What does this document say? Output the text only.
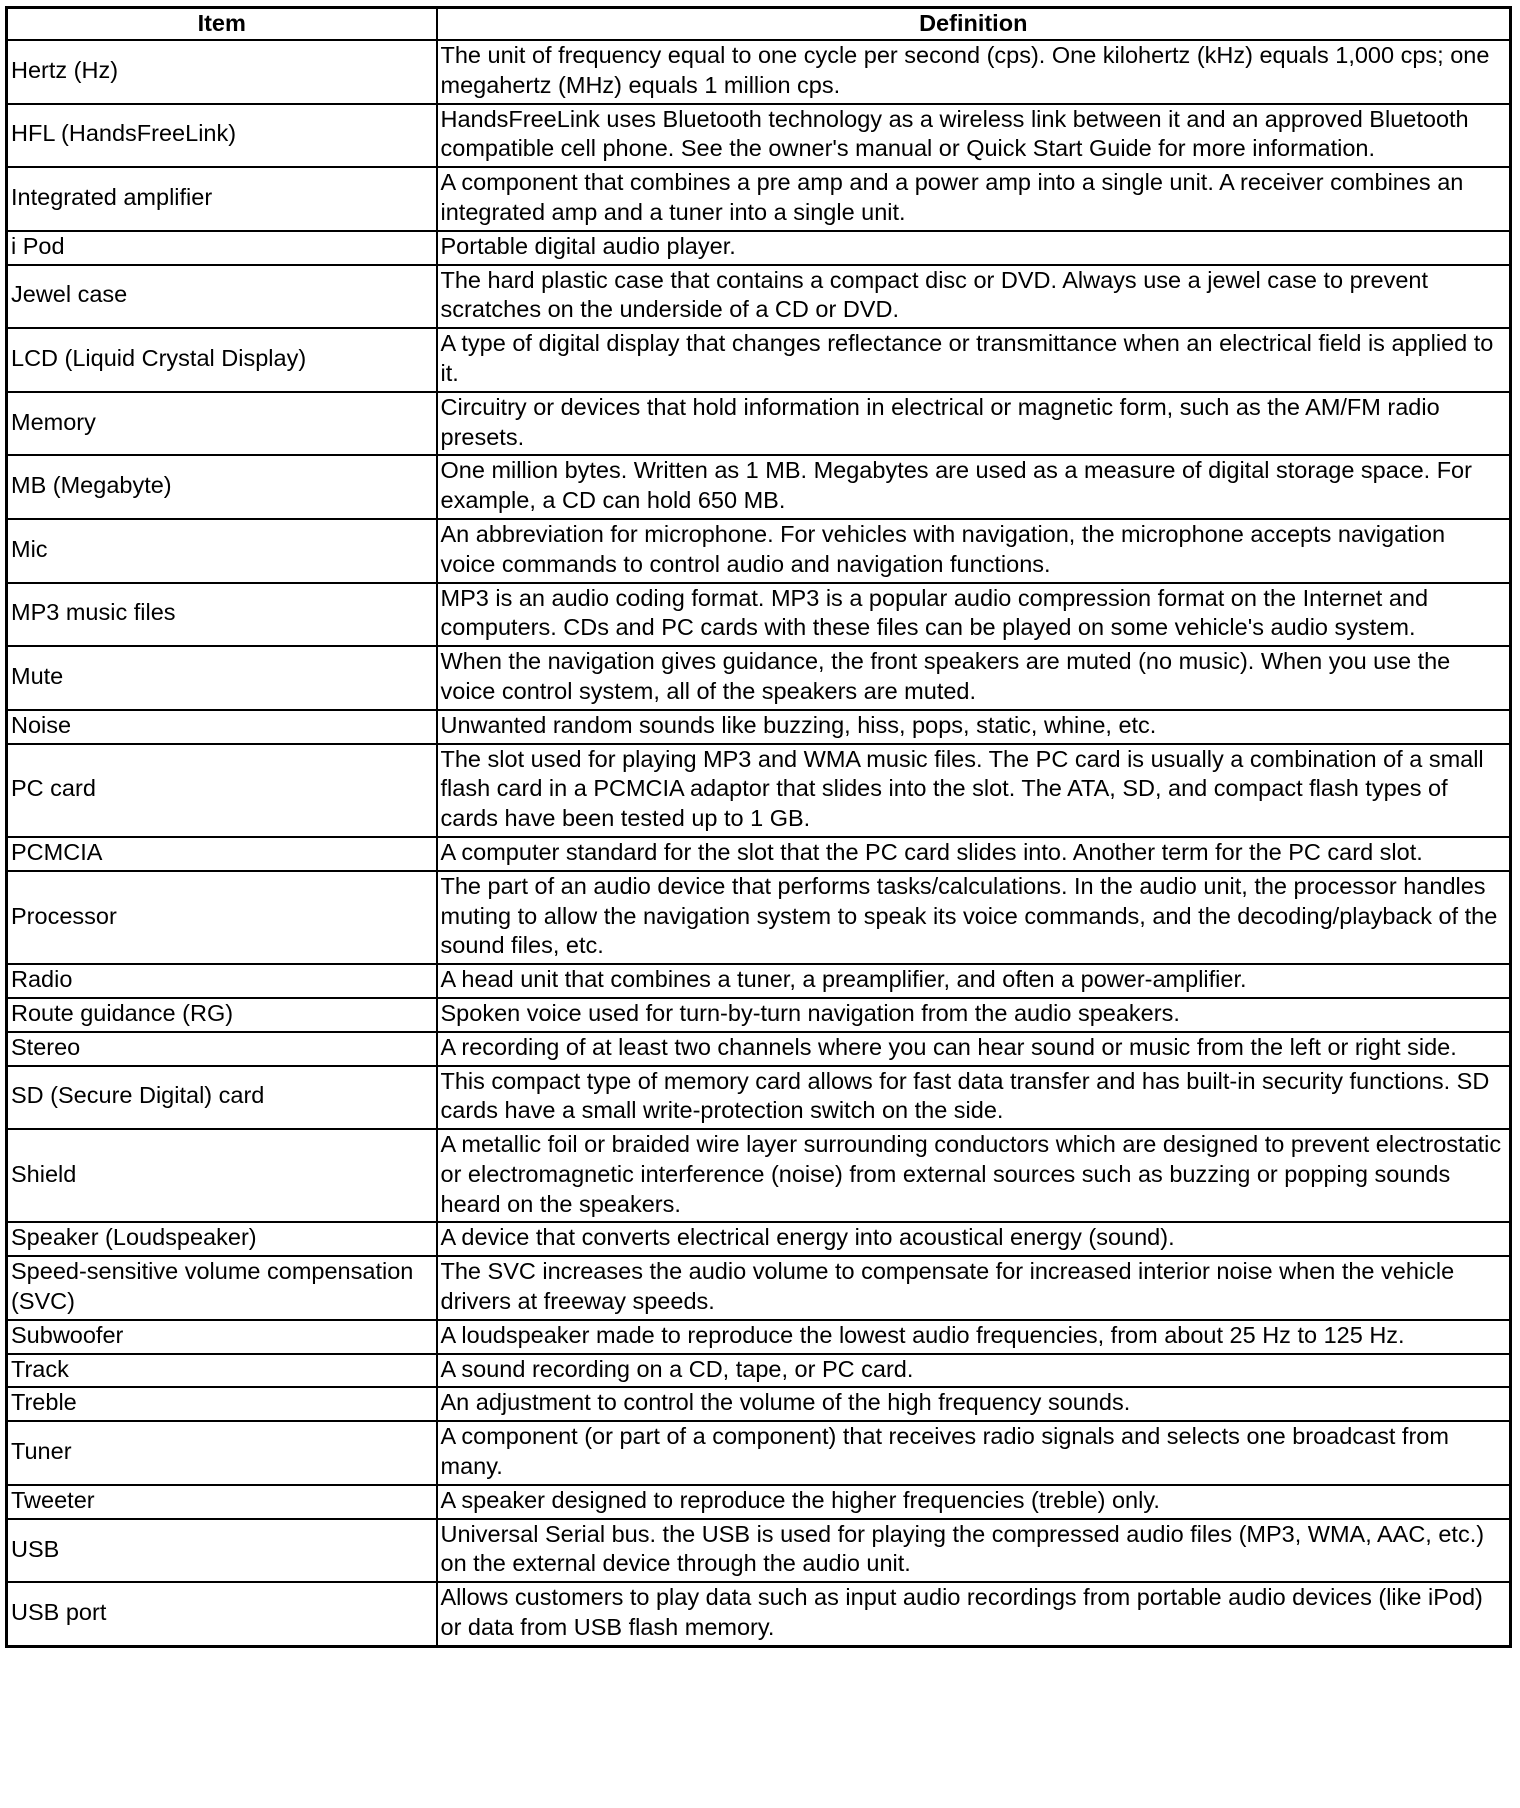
Item	Definition
Hertz (Hz)	The unit of frequency equal to one cycle per second (cps). One kilohertz (kHz) equals 1,000 cps; one megahertz (MHz) equals 1 million cps.
HFL (HandsFreeLink)	HandsFreeLink uses Bluetooth technology as a wireless link between it and an approved Bluetooth compatible cell phone. See the owner's manual or Quick Start Guide for more information.
Integrated amplifier	A component that combines a pre amp and a power amp into a single unit. A receiver combines an integrated amp and a tuner into a single unit.
i Pod	Portable digital audio player.
Jewel case	The hard plastic case that contains a compact disc or DVD. Always use a jewel case to prevent scratches on the underside of a CD or DVD.
LCD (Liquid Crystal Display)	A type of digital display that changes reflectance or transmittance when an electrical field is applied to it.
Memory	Circuitry or devices that hold information in electrical or magnetic form, such as the AM/FM radio presets.
MB (Megabyte)	One million bytes. Written as 1 MB. Megabytes are used as a measure of digital storage space. For example, a CD can hold 650 MB.
Mic	An abbreviation for microphone. For vehicles with navigation, the microphone accepts navigation voice commands to control audio and navigation functions.
MP3 music files	MP3 is an audio coding format. MP3 is a popular audio compression format on the Internet and computers. CDs and PC cards with these files can be played on some vehicle's audio system.
Mute	When the navigation gives guidance, the front speakers are muted (no music). When you use the voice control system, all of the speakers are muted.
Noise	Unwanted random sounds like buzzing, hiss, pops, static, whine, etc.
PC card	The slot used for playing MP3 and WMA music files. The PC card is usually a combination of a small flash card in a PCMCIA adaptor that slides into the slot. The ATA, SD, and compact flash types of cards have been tested up to 1 GB.
PCMCIA	A computer standard for the slot that the PC card slides into. Another term for the PC card slot.
Processor	The part of an audio device that performs tasks/calculations. In the audio unit, the processor handles muting to allow the navigation system to speak its voice commands, and the decoding/playback of the sound files, etc.
Radio	A head unit that combines a tuner, a preamplifier, and often a power-amplifier.
Route guidance (RG)	Spoken voice used for turn-by-turn navigation from the audio speakers.
Stereo	A recording of at least two channels where you can hear sound or music from the left or right side.
SD (Secure Digital) card	This compact type of memory card allows for fast data transfer and has built-in security functions. SD cards have a small write-protection switch on the side.
Shield	A metallic foil or braided wire layer surrounding conductors which are designed to prevent electrostatic or electromagnetic interference (noise) from external sources such as buzzing or popping sounds heard on the speakers.
Speaker (Loudspeaker)	A device that converts electrical energy into acoustical energy (sound).
Speed-sensitive volume compensation (SVC)	The SVC increases the audio volume to compensate for increased interior noise when the vehicle drivers at freeway speeds.
Subwoofer	A loudspeaker made to reproduce the lowest audio frequencies, from about 25 Hz to 125 Hz.
Track	A sound recording on a CD, tape, or PC card.
Treble	An adjustment to control the volume of the high frequency sounds.
Tuner	A component (or part of a component) that receives radio signals and selects one broadcast from many.
Tweeter	A speaker designed to reproduce the higher frequencies (treble) only.
USB	Universal Serial bus. the USB is used for playing the compressed audio files (MP3, WMA, AAC, etc.) on the external device through the audio unit.
USB port	Allows customers to play data such as input audio recordings from portable audio devices (like iPod) or data from USB flash memory.
